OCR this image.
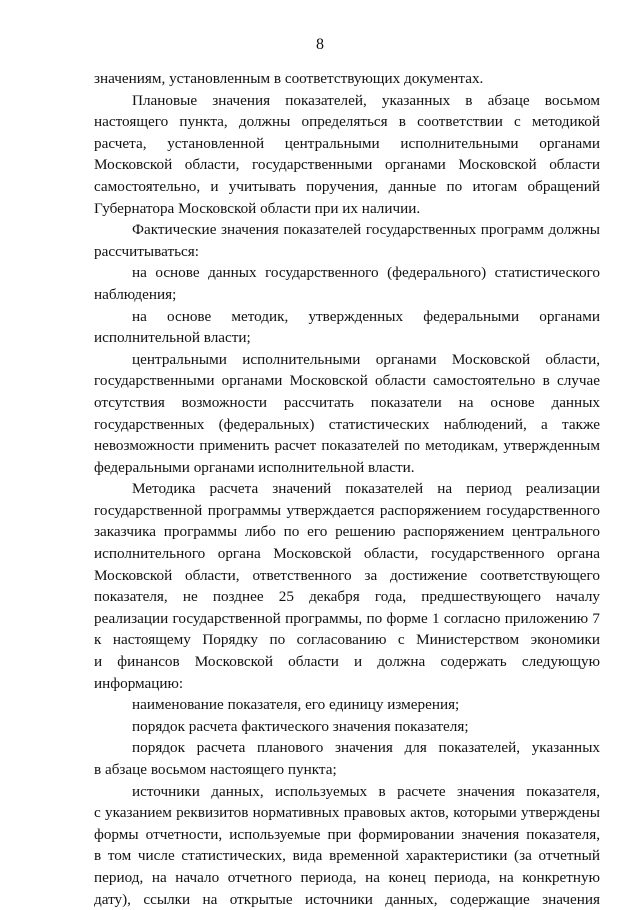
8
значениям, установленным в соответствующих документах.
Плановые значения показателей, указанных в абзаце восьмом
настоящего пункта, должны определяться в соответствии с методикой
расчета, установленной центральными исполнительными органами
Московской области, государственными органами Московской области
самостоятельно, и учитывать поручения, данные по итогам обращений
Губернатора Московской области при их наличии.
Фактические значения показателей государственных программ должны
рассчитываться:
на основе данных государственного (федерального) статистического
наблюдения;
на основе методик, утвержденных федеральными органами
исполнительной власти;
центральными исполнительными органами Московской области,
государственными органами Московской области самостоятельно в случае
отсутствия возможности рассчитать показатели на основе данных
государственных (федеральных) статистических наблюдений, а также
невозможности применить расчет показателей по методикам, утвержденным
федеральными органами исполнительной власти.
Методика расчета значений показателей на период реализации
государственной программы утверждается распоряжением государственного
заказчика программы либо по его решению распоряжением центрального
исполнительного органа Московской области, государственного органа
Московской области, ответственного за достижение соответствующего
показателя, не позднее 25 декабря года, предшествующего началу
реализации государственной программы, по форме 1 согласно приложению 7
к настоящему Порядку по согласованию с Министерством экономики
и финансов Московской области и должна содержать следующую
информацию:
наименование показателя, его единицу измерения;
порядок расчета фактического значения показателя;
порядок расчета планового значения для показателей, указанных
в абзаце восьмом настоящего пункта;
источники данных, используемых в расчете значения показателя,
с указанием реквизитов нормативных правовых актов, которыми утверждены
формы отчетности, используемые при формировании значения показателя,
в том числе статистических, вида временной характеристики (за отчетный
период, на начало отчетного периода, на конец периода, на конкретную
дату), ссылки на открытые источники данных, содержащие значения
